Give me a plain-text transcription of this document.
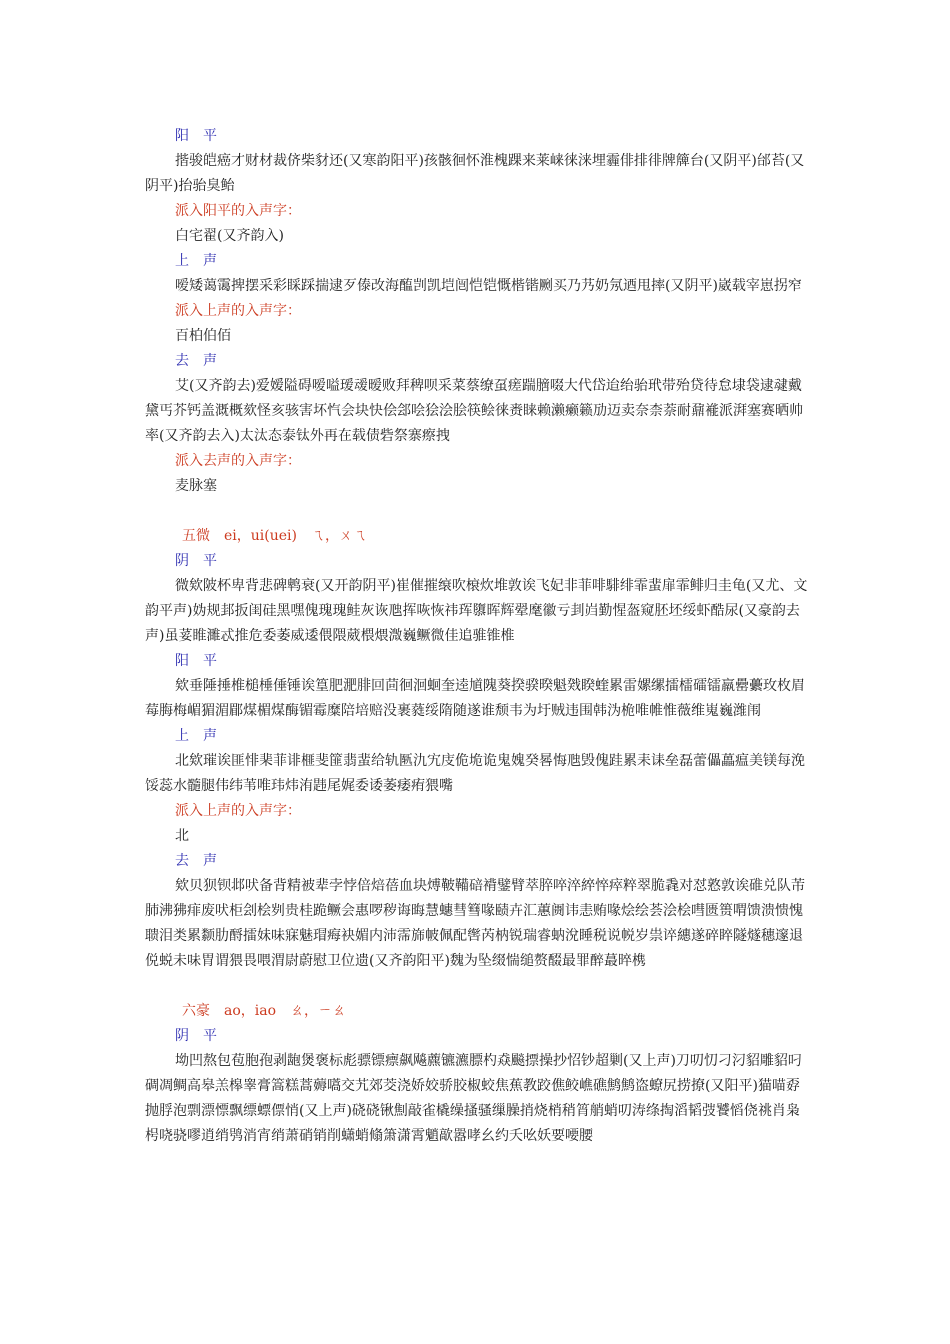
阳　平
揩骏皑癌才财材裁侪柴豺还(又寒韵阳平)孩骸徊怀淮槐踝来莱崃徕涞埋霾俳排徘牌簰台(又阴平)邰苔(又阴平)抬骀臭鲐
派入阳平的入声字：
白宅翟(又齐韵入)
上　声
嗳矮蔼霭捭摆采彩睬踩揣逮歹傣改海醢剀凯垲闿恺铠慨楷锴劂买乃艿奶氖迺甩摔(又阴平)崴载宰崽拐窄
派入上声的入声字：
百柏伯佰
去　声
艾(又齐韵去)爱嫒隘碍嗳嗌瑷叆暧败拜稗呗采菜蔡缭虿瘥踹膪啜大代岱迨绐骀玳带殆贷待怠埭袋逮叇戴黛丐芥钙盖溉概欬怪亥骇害坏忾会块快侩郐哙狯浍脍筷鲙徕赉睐赖濑癞籁劢迈卖奈柰萘耐鼐褦派湃塞赛晒帅率(又齐韵去入)太汰态泰钛外再在载债砦祭寨瘵拽
派入去声的入声字：
麦脉塞
五微 ei，ui(uei) ㄟ，ㄨㄟ
阴　平
微欸陂杯卑背悲碑鹎衰(又开韵阴平)崔催摧缞吹榱炊堆敦诶飞妃非菲啡騑绯霏蜚扉霏鲱归圭龟(又尤、文韵平声)妫规邽扳闺硅黑嘿傀瑰瑰鲑灰诙虺挥咴恢祎珲隳晖辉翚麾徽亏刲岿勤惺盔窥胚坯绥虾酷尿(又豪韵去声)虽荽睢濉忒推危委萎威逶偎隈葳椳煨溦巍鳜微佳追骓锥椎
阳　平
欸垂陲捶椎槌棰倕锤诶篁肥淝腓回茴徊洄蛔奎逵馗隗葵揆骙暌魁戣睽蝰累雷嫘缧擂檑礌镭羸罍虆玫枚眉莓脢梅嵋猸湄郿煤楣煤酶镅霉糜陪培赔没裹蕤绥隋随遂谁颓韦为圩贼违围韩沩桅唯帷惟薇维嵬巍潍闱
上　声
北欸璀诶匪悱棐菲诽榧斐篚翡蜚给轨匦氿宄庋佹垝诡鬼媿癸晷悔虺毁傀跬累耒诔垒磊蕾儡藟瘟美镁每浼馁蕊水髓腿伟纬苇唯玮炜洧韪尾娓委诿萎痿痏猥嘴
派入上声的入声字：
北
去　声
欸贝狈钡邶吠备背精被辈孛悖倍焙蓓血块煿鞁鞴碚褙鐾臂萃脺啐淬綷悴瘁粹翠脆毳对怼憝敦诶碓兑队芾肺沸狒痱废吠柜刽桧刿贵桂跪鳜会惠啰秽诲晦慧蟪彗篲喙赜卉汇蕙阓讳恚贿喙烩绘荟浍桧嘒匮篑喟馈溃愦愧聩泪类累颣肋酹擂妹味寐魅瑁痗袂媚内沛霈旆帔佩配辔芮枘锐瑞睿蚋涗睡税说帨岁祟谇繐遂碎睟隧燧穗邃退侻蜕未味胃谓猥畏喂渭尉蔚慰卫位遗(又齐韵阳平)魏为坠缀惴缒赘醊最罪醉蕞晬槜
六豪 ao，iao ㄠ，ㄧㄠ
阴　平
坳凹熬包苞胞孢剥龅煲褒标彪骠镖瘭飙飚藨镳瀌膘杓猋飈摽操抄怊钞超剿(又上声)刀叨忉刁汈貂雕貂叼碉凋鲷高皋羔槔睾膏篙糕蒿薅嚆交艽郊茭浇娇姣骄胶椒蛟焦蕉教跤僬鲛嶕礁鹪鹪盗蟟尻捞撩(又阳平)猫喵孬抛脬泡剽漂慓飘缥螵僄悄(又上声)硗硗锹劁敲雀橇缲搔骚缫臊捎烧梢稍筲艄蛸叨涛绦掏滔韬弢饕慆侥祧肖枭枵哓骁嘐逍绡鸮消宵绡萧硝销削蟏蛸翛箫潇霄魈歊嚣哮幺约夭吆妖要喓腰
